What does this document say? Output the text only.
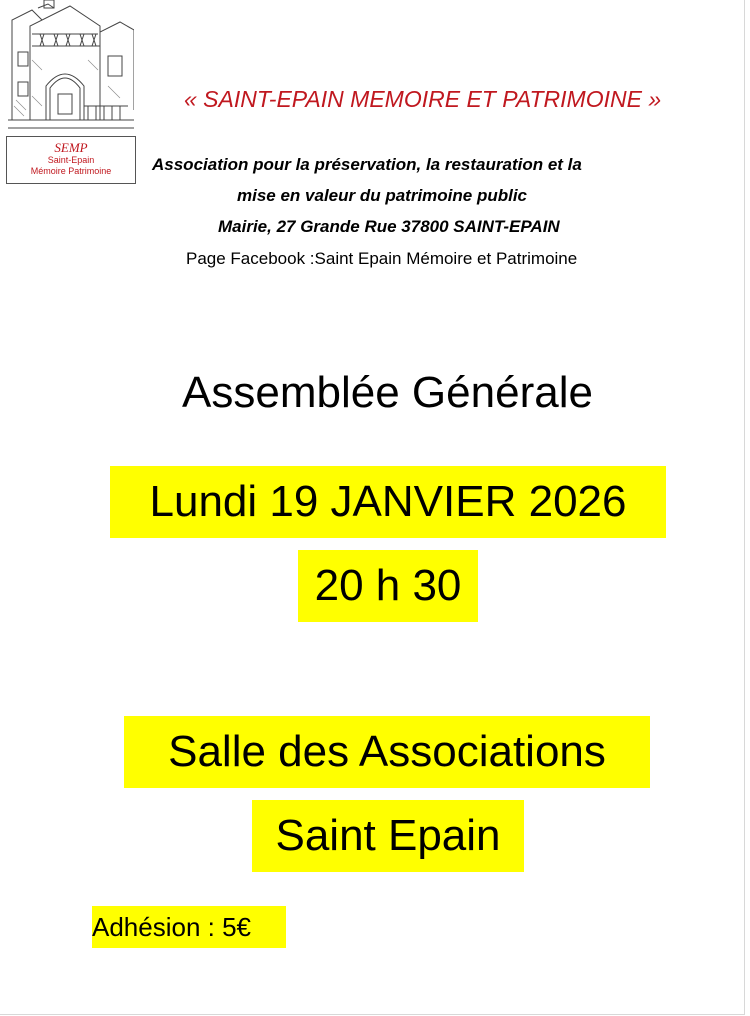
SEMP
Saint-Epain
Mémoire Patrimoine
« SAINT-EPAIN MEMOIRE ET PATRIMOINE »
Association pour la préservation, la restauration et la
mise en valeur du patrimoine public
Mairie, 27 Grande Rue 37800 SAINT-EPAIN
Page Facebook :Saint Epain Mémoire et Patrimoine
Assemblée Générale
Lundi 19 JANVIER 2026
20 h 30
Salle des Associations
Saint Epain
Adhésion : 5€
